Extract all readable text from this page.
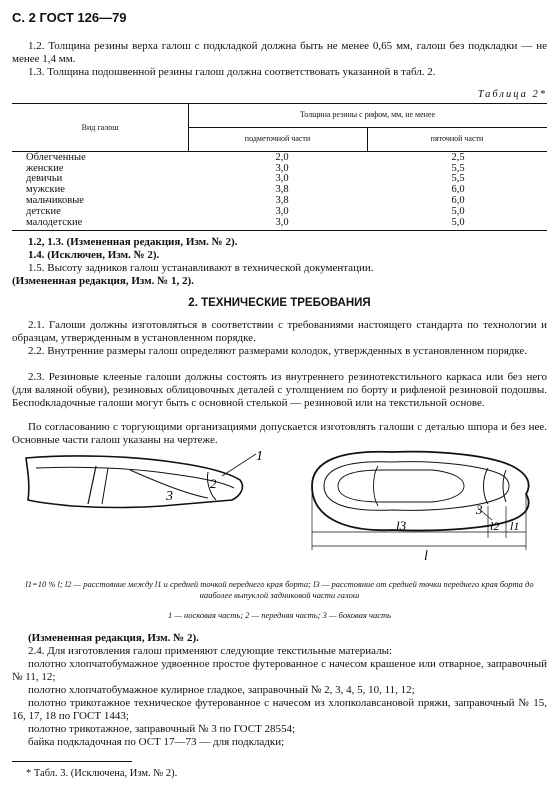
С. 2 ГОСТ 126—79

1.2. Толщина резины верха галош с подкладкой должна быть не менее 0,65 мм, галош без подкладки — не менее 1,4 мм.

1.3. Толщина подошвенной резины галош должна соответствовать указанной в табл. 2.

Таблица 2*
Вид галош
Толщина резины с рифом, мм, не менее
подметочной части	пяточной части
Облегченные	2,0	2,5
женские	3,0	5,5
девичьи	3,0	5,5
мужские	3,8	6,0
мальчиковые	3,8	6,0
детские	3,0	5,0
малодетские	3,0	5,0

1.2, 1.3. (Измененная редакция, Изм. № 2).

1.4. (Исключен, Изм. № 2).

1.5. Высоту задников галош устанавливают в технической документации.

(Измененная редакция, Изм. № 1, 2).

2. ТЕХНИЧЕСКИЕ ТРЕБОВАНИЯ

2.1. Галоши должны изготовляться в соответствии с требованиями настоящего стандарта по технологии и образцам, утвержденным в установленном порядке.

2.2. Внутренние размеры галош определяют размерами колодок, утвержденных в установленном порядке.

2.3. Резиновые клееные галоши должны состоять из внутреннего резинотекстильного каркаса или без него (для валяной обуви), резиновых облицовочных деталей с утолщением по борту и рифленой резиновой подошвы. Беспodкладочные галоши могут быть с основной стелькой — резиновой или на текстильной основе.

По согласованию с торгующими организациями допускается изготовлять галоши с деталью шпора и без нее. Основные части галош указаны на чертеже.

1
2
3
3
l3	l2 l1
l
l1=10 % l; l2 — расстояние между l1 и средней точкой переднего края борта; l3 — расстояние от средней точки переднего края борта до наиболее выпуклой задниковой части галош
1 — носковая часть; 2 — передняя часть; 3 — боковая часть

(Измененная редакция, Изм. № 2).

2.4. Для изготовления галош применяют следующие текстильные материалы:

полотно хлопчатобумажное удвоенное простое футерованное с начесом крашеное или отварное, заправочный № 11, 12;

полотно хлопчатобумажное кулирное гладкое, заправочный № 2, 3, 4, 5, 10, 11, 12;

полотно трикотажное техническое футерованное с начесом из хлопколавсановой пряжи, заправочный № 15, 16, 17, 18 по ГОСТ 1443;

полотно трикотажное, заправочный № 3 по ГОСТ 28554;

байка подкладочная по ОСТ 17—73 — для подкладки;

* Табл. 3. (Исключена, Изм. № 2).
